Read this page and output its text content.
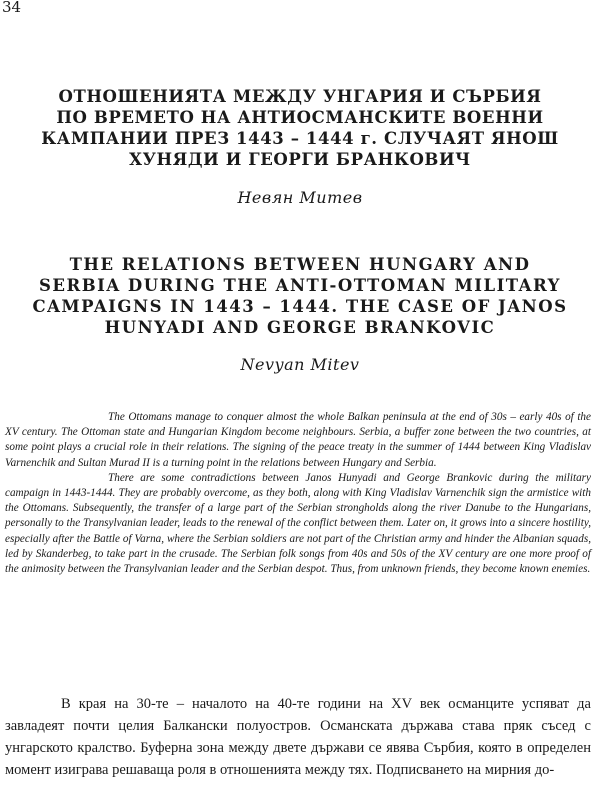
34
ОТНОШЕНИЯТА МЕЖДУ УНГАРИЯ И СЪРБИЯ
ПО ВРЕМЕТО НА АНТИОСМАНСКИТЕ ВОЕННИ
КАМПАНИИ ПРЕЗ 1443 – 1444 г. СЛУЧАЯТ ЯНОШ
ХУНЯДИ И ГЕОРГИ БРАНКОВИЧ
Невян Митев
THE RELATIONS BETWEEN HUNGARY AND
SERBIA DURING THE ANTI-OTTOMAN MILITARY
CAMPAIGNS IN 1443 – 1444. THE CASE OF JANOS
HUNYADI AND GEORGE BRANKOVIC
Nevyan Mitev

The Ottomans manage to conquer almost the whole Balkan peninsula at the end of 30s – early 40s of the XV century. The Ottoman state and Hungarian Kingdom become neighbours. Serbia, a buffer zone between the two countries, at some point plays a crucial role in their relations. The signing of the peace treaty in the summer of 1444 between King Vladislav Varnenchik and Sultan Murad II is a turning point in the relations between Hungary and Serbia.

There are some contradictions between Janos Hunyadi and George Brankovic during the military campaign in 1443-1444. They are probably overcome, as they both, along with King Vladislav Varnenchik sign the armistice with the Ottomans. Subsequently, the transfer of a large part of the Serbian strongholds along the river Danube to the Hungarians, personally to the Transylvanian leader, leads to the renewal of the conflict between them. Later on, it grows into a sincere hostility, especially after the Battle of Varna, where the Serbian soldiers are not part of the Christian army and hinder the Albanian squads, led by Skanderbeg, to take part in the crusade. The Serbian folk songs from 40s and 50s of the XV century are one more proof of the animosity between the Transylvanian leader and the Serbian despot. Thus, from unknown friends, they become known enemies.

В края на 30-те – началото на 40-те години на XV век османците успяват да завладеят почти целия Балкански полуостров. Османската държава става пряк съсед с унгарското кралство. Буферна зона между двете държави се явява Сърбия, която в определен момент изиграва решаваща роля в отношенията между тях. Подписването на мирния до-
